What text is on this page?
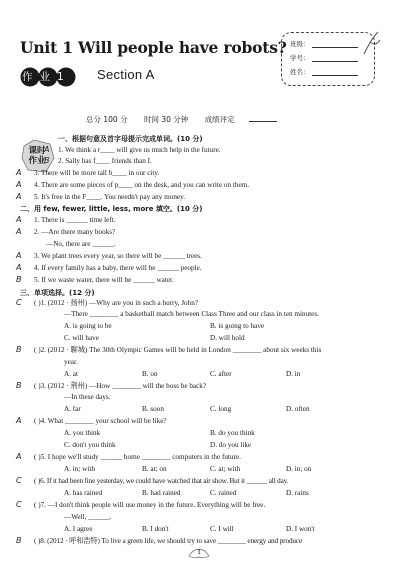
Unit 1 Will people have robots? 班级：
学号：
姓名：
作业1 Section A
总分 100 分 时间 30 分钟 成绩评定
课时作业
一、根据句意及首字母提示完成单词。(10 分)
A 1. We think a r____ will give us much help in the future.
B 2. Sally has f____ friends than I.
A 3. There will be more tall b____ in our city.
A 4. There are some pieces of p____ on the desk, and you can write on them.
A 5. It's free in the F____. You needn't pay any money.
二、用 few, fewer, little, less, more 填空。(10 分)
A 1. There is ______ time left.
A 2. —Are there many books?
—No, there are ______.
A 3. We plant trees every year, so there will be ______ trees.
A 4. If every family has a baby, there will be ______ people.
B 5. If we waste water, there will be ______ water.
三、单项选择。(12 分)
C ( )1. (2012 · 扬州) —Why are you in such a hurry, John?
—There ________ a basketball match between Class Three and our class in ten minutes.
A. is going to be	B. is going to have
C. will have	D. will hold
B ( )2. (2012 · 聊城) The 30th Olympic Games will be held in London ________ about six weeks this
year.
A. at	B. on	C. after	D. in
B ( )3. (2012 · 荆州) —How ________ will the boss be back?
—In these days.
A. far	B. soon	C. long	D. often
A ( )4. What ________ your school will be like?
A. you think	B. do you think
C. don't you think	D. do you like
A ( )5. I hope we'll study ______ home ________ computers in the future.
A. in; with	B. at; on	C. at; with	D. in; on
C ( )6. If it had been fine yesterday, we could have watched that air show. But it ______ all day.
A. has rained	B. had rained	C. rained	D. rains
C ( )7. —I don't think people will use money in the future. Everything will be free.
—Well, ______.
A. I agree	B. I don't	C. I will	D. I won't
B ( )8. (2012 · 呼和浩特) To live a green life, we should try to save ________ energy and produce
1
